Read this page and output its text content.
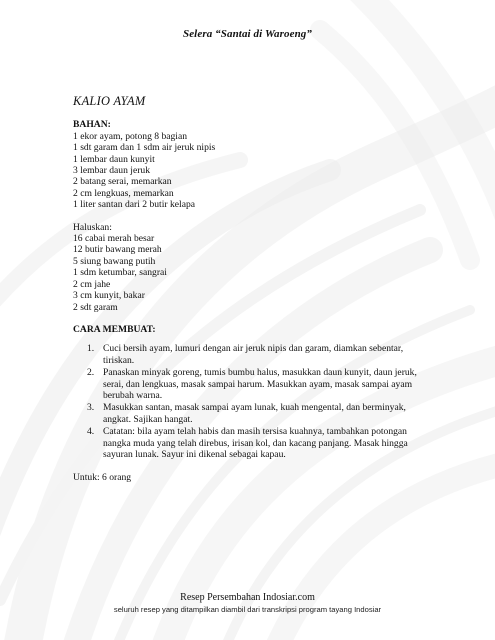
Selera “Santai di Waroeng”
KALIO AYAM

BAHAN:

1 ekor ayam, potong 8 bagian

1 sdt garam dan 1 sdm air jeruk nipis

1 lembar daun kunyit

3 lembar daun jeruk

2 batang serai, memarkan

2 cm lengkuas, memarkan

1 liter santan dari 2 butir kelapa

Haluskan:

16 cabai merah besar

12 butir bawang merah

5 siung bawang putih

1 sdm ketumbar, sangrai

2 cm jahe

3 cm kunyit, bakar

2 sdt garam

CARA MEMBUAT:

1. Cuci bersih ayam, lumuri dengan air jeruk nipis dan garam, diamkan sebentar, tiriskan.
2. Panaskan minyak goreng, tumis bumbu halus, masukkan daun kunyit, daun jeruk, serai, dan lengkuas, masak sampai harum. Masukkan ayam, masak sampai ayam berubah warna.
3. Masukkan santan, masak sampai ayam lunak, kuah mengental, dan berminyak, angkat. Sajikan hangat.
4. Catatan: bila ayam telah habis dan masih tersisa kuahnya, tambahkan potongan nangka muda yang telah direbus, irisan kol, dan kacang panjang. Masak hingga sayuran lunak. Sayur ini dikenal sebagai kapau.

Untuk: 6 orang

Resep Persembahan Indosiar.com
seluruh resep yang ditampilkan diambil dari transkripsi program tayang Indosiar
